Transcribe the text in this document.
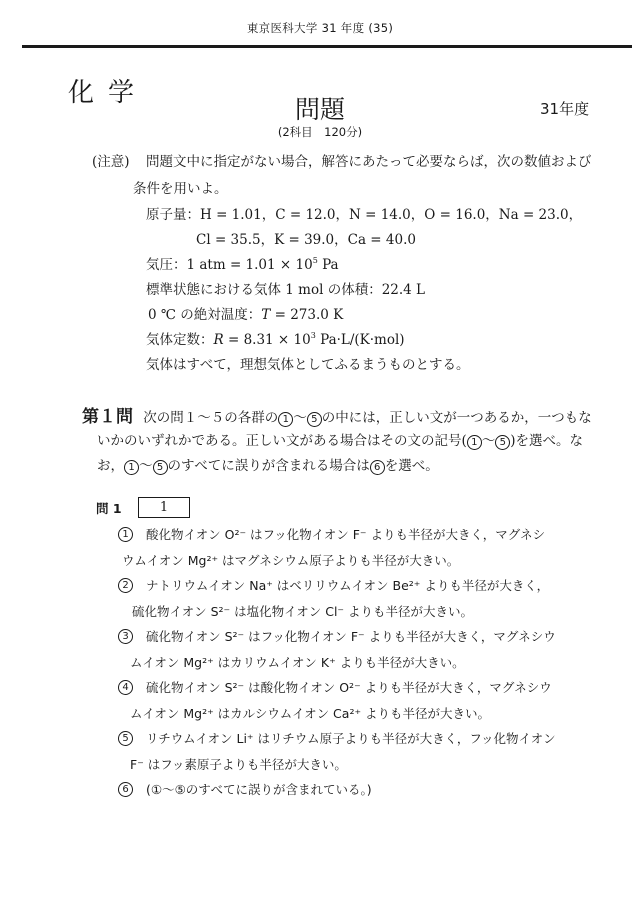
東京医科大学 31 年度 (35)
化学
問題	31年度
(2科目　120分)
(注意) 問題文中に指定がない場合，解答にあたって必要ならば，次の数値および
条件を用いよ。
原子量：H = 1.01，C = 12.0，N = 14.0，O = 16.0，Na = 23.0，
Cl = 35.5，K = 39.0，Ca = 40.0
気圧：1 atm = $1.01 \times 10^5$ Pa
標準状態における気体 1 mol の体積：22.4 L
0 ℃ の絶対温度：T = 273.0 K
気体定数：$R = 8.31 \times 10^3$ Pa·L/(K·mol)
気体はすべて，理想気体としてふるまうものとする。
第１問 次の問１～５の各群の 1 ～ 5 の中には，正しい文が一つあるか，一つもな
いかのいずれかである。正しい文がある場合はその文の記号( 1 ～ 5 )を選べ。な
お， 1 ～ 5 のすべてに誤りが含まれる場合は 6 を選べ。
問 1	1
1	酸化物イオン O²⁻ はフッ化物イオン F⁻ よりも半径が大きく，マグネシ
ウムイオン Mg²⁺ はマグネシウム原子よりも半径が大きい。
2	ナトリウムイオン Na⁺ はベリリウムイオン Be²⁺ よりも半径が大きく，
硫化物イオン S²⁻ は塩化物イオン Cl⁻ よりも半径が大きい。
3	硫化物イオン S²⁻ はフッ化物イオン F⁻ よりも半径が大きく，マグネシウ
ムイオン Mg²⁺ はカリウムイオン K⁺ よりも半径が大きい。
4	硫化物イオン S²⁻ は酸化物イオン O²⁻ よりも半径が大きく，マグネシウ
ムイオン Mg²⁺ はカルシウムイオン Ca²⁺ よりも半径が大きい。
5	リチウムイオン Li⁺ はリチウム原子よりも半径が大きく，フッ化物イオン
F⁻ はフッ素原子よりも半径が大きい。
6	(①～⑤のすべてに誤りが含まれている。)
